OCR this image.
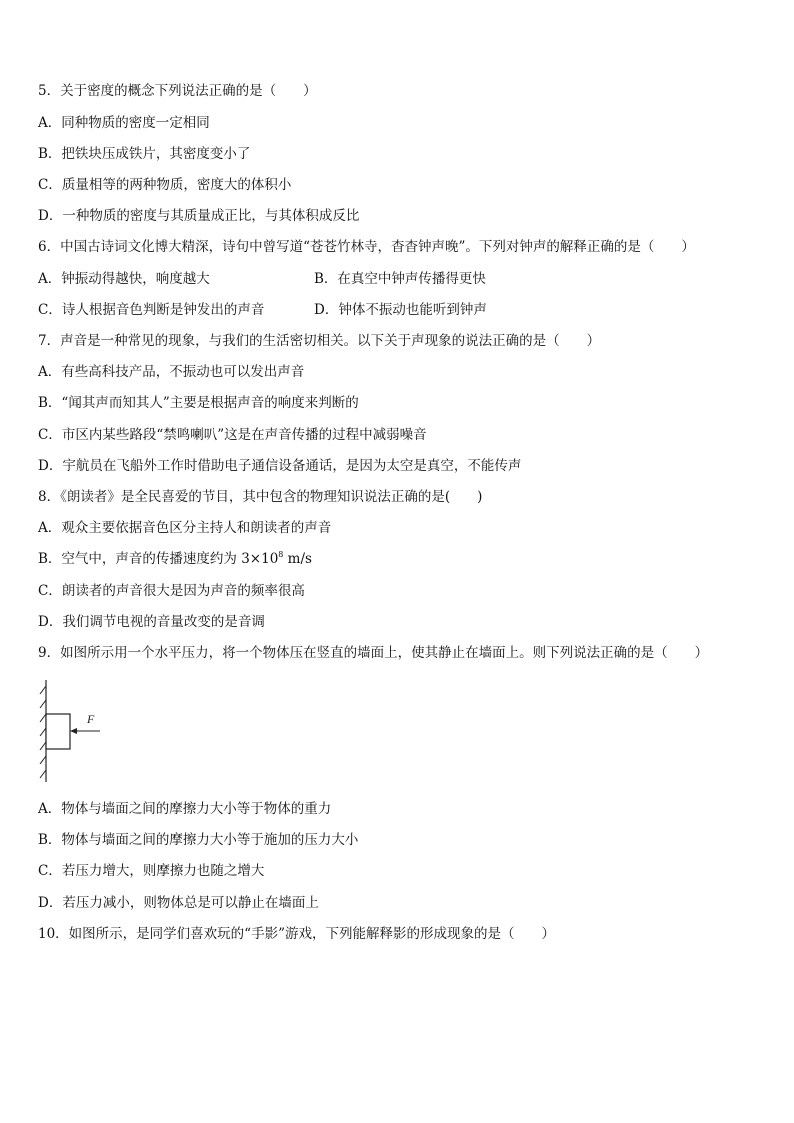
5．关于密度的概念下列说法正确的是（　　）
A．同种物质的密度一定相同
B．把铁块压成铁片，其密度变小了
C．质量相等的两种物质，密度大的体积小
D．一种物质的密度与其质量成正比，与其体积成反比
6．中国古诗词文化博大精深，诗句中曾写道“苍苍竹林寺，杳杳钟声晚”。下列对钟声的解释正确的是（　　）
A．钟振动得越快，响度越大	B．在真空中钟声传播得更快
C．诗人根据音色判断是钟发出的声音	D．钟体不振动也能听到钟声
7．声音是一种常见的现象，与我们的生活密切相关。以下关于声现象的说法正确的是（　　）
A．有些高科技产品，不振动也可以发出声音
B．“闻其声而知其人”主要是根据声音的响度来判断的
C．市区内某些路段“禁鸣喇叭”这是在声音传播的过程中减弱噪音
D．宇航员在飞船外工作时借助电子通信设备通话，是因为太空是真空，不能传声
8．《朗读者》是全民喜爱的节目，其中包含的物理知识说法正确的是(　　)
A．观众主要依据音色区分主持人和朗读者的声音
B．空气中，声音的传播速度约为 $3\times 10^8$ m/s
C．朗读者的声音很大是因为声音的频率很高
D．我们调节电视的音量改变的是音调
9．如图所示用一个水平压力，将一个物体压在竖直的墙面上，使其静止在墙面上。则下列说法正确的是（　　）
F
A．物体与墙面之间的摩擦力大小等于物体的重力
B．物体与墙面之间的摩擦力大小等于施加的压力大小
C．若压力增大，则摩擦力也随之增大
D．若压力减小，则物体总是可以静止在墙面上
10．如图所示，是同学们喜欢玩的“手影”游戏，下列能解释影的形成现象的是（　　）
